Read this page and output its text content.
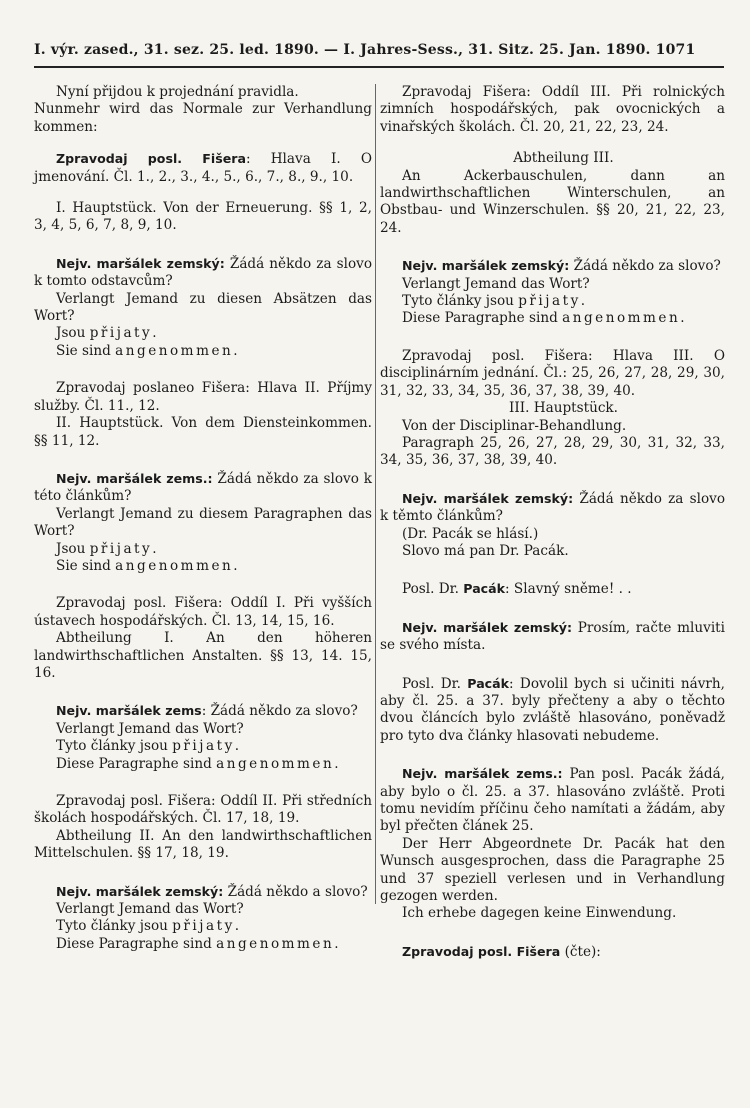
I. výr. zased., 31. sez. 25. led. 1890. — I. Jahres-Sess., 31. Sitz. 25. Jan. 1890. 1071

Nyní přijdou k projednání pravidla.

Nunmehr wird das Normale zur Verhandlung kommen:

Zpravodaj posl. Fišera: Hlava I. O jmenování. Čl. 1., 2., 3., 4., 5., 6., 7., 8., 9., 10.

I. Hauptstück. Von der Erneuerung. §§ 1, 2, 3, 4, 5, 6, 7, 8, 9, 10.

Nejv. maršálek zemský: Žádá někdo za slovo k tomto odstavcům?

Verlangt Jemand zu diesen Absätzen das Wort?

Jsou přijaty.

Sie sind angenommen.

Zpravodaj poslaneo Fišera: Hlava II. Příjmy služby. Čl. 11., 12.

II. Hauptstück. Von dem Diensteinkommen. §§ 11, 12.

Nejv. maršálek zems.: Žádá někdo za slovo k této článkům?

Verlangt Jemand zu diesem Paragraphen das Wort?

Jsou přijaty.

Sie sind angenommen.

Zpravodaj posl. Fišera: Oddíl I. Při vyšších ústavech hospodářských. Čl. 13, 14, 15, 16.

Abtheilung I. An den höheren landwirthschaftlichen Anstalten. §§ 13, 14. 15, 16.

Nejv. maršálek zems: Žádá někdo za slovo?

Verlangt Jemand das Wort?

Tyto články jsou přijaty.

Diese Paragraphe sind angenommen.

Zpravodaj posl. Fišera: Oddíl II. Při středních školách hospodářských. Čl. 17, 18, 19.

Abtheilung II. An den landwirthschaftlichen Mittelschulen. §§ 17, 18, 19.

Nejv. maršálek zemský: Žádá někdo a slovo?

Verlangt Jemand das Wort?

Tyto články jsou přijaty.

Diese Paragraphe sind angenommen.

Zpravodaj Fišera: Oddíl III. Při rolnických zimních hospodářských, pak ovocnických a vinařských školách. Čl. 20, 21, 22, 23, 24.

Abtheilung III.

An Ackerbauschulen, dann an landwirthschaftlichen Winterschulen, an Obstbau- und Winzerschulen. §§ 20, 21, 22, 23, 24.

Nejv. maršálek zemský: Žádá někdo za slovo?

Verlangt Jemand das Wort?

Tyto články jsou přijaty.

Diese Paragraphe sind angenommen.

Zpravodaj posl. Fišera: Hlava III. O disciplinárním jednání. Čl.: 25, 26, 27, 28, 29, 30, 31, 32, 33, 34, 35, 36, 37, 38, 39, 40.

III. Hauptstück.

Von der Disciplinar-Behandlung.

Paragraph 25, 26, 27, 28, 29, 30, 31, 32, 33, 34, 35, 36, 37, 38, 39, 40.

Nejv. maršálek zemský: Žádá někdo za slovo k těmto článkům?

(Dr. Pacák se hlásí.)

Slovo má pan Dr. Pacák.

Posl. Dr. Pacák: Slavný sněme! . .

Nejv. maršálek zemský: Prosím, račte mluviti se svého místa.

Posl. Dr. Pacák: Dovolil bych si učiniti návrh, aby čl. 25. a 37. byly přečteny a aby o těchto dvou článcích bylo zvláště hlasováno, poněvadž pro tyto dva články hlasovati nebudeme.

Nejv. maršálek zems.: Pan posl. Pacák žádá, aby bylo o čl. 25. a 37. hlasováno zvláště. Proti tomu nevidím příčinu čeho namítati a žádám, aby byl přečten článek 25.

Der Herr Abgeordnete Dr. Pacák hat den Wunsch ausgesprochen, dass die Paragraphe 25 und 37 speziell verlesen und in Verhandlung gezogen werden.

Ich erhebe dagegen keine Einwendung.

Zpravodaj posl. Fišera (čte):
